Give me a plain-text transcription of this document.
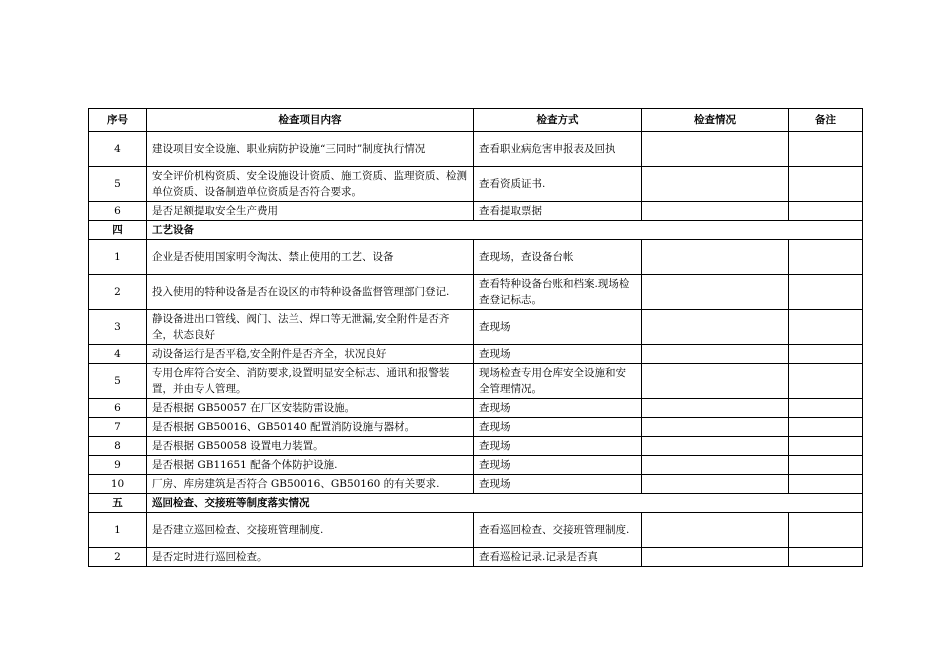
序号	检查项目内容	检查方式	检查情况	备注
4	建设项目安全设施、职业病防护设施“三同时”制度执行情况	查看职业病危害申报表及回执		
5	安全评价机构资质、安全设施设计资质、施工资质、监理资质、检测单位资质、设备制造单位资质是否符合要求。	查看资质证书.		
6	是否足额提取安全生产费用	查看提取票据		
四	工艺设备			
1	企业是否使用国家明令淘汰、禁止使用的工艺、设备	查现场，查设备台帐		
2	投入使用的特种设备是否在设区的市特种设备监督管理部门登记.	查看特种设备台账和档案.现场检查登记标志。		
3	静设备进出口管线、阀门、法兰、焊口等无泄漏,安全附件是否齐全，状态良好	查现场		
4	动设备运行是否平稳,安全附件是否齐全，状况良好	查现场		
5	专用仓库符合安全、消防要求,设置明显安全标志、通讯和报警装置，并由专人管理。	现场检查专用仓库安全设施和安全管理情况。		
6	是否根据 GB50057 在厂区安装防雷设施。	查现场		
7	是否根据 GB50016、GB50140 配置消防设施与器材。	查现场		
8	是否根据 GB50058 设置电力装置。	查现场		
9	是否根据 GB11651 配备个体防护设施.	查现场		
10	厂房、库房建筑是否符合 GB50016、GB50160 的有关要求.	查现场		
五	巡回检查、交接班等制度落实情况			
1	是否建立巡回检查、交接班管理制度.	查看巡回检查、交接班管理制度.		
2	是否定时进行巡回检查。	查看巡检记录.记录是否真		
